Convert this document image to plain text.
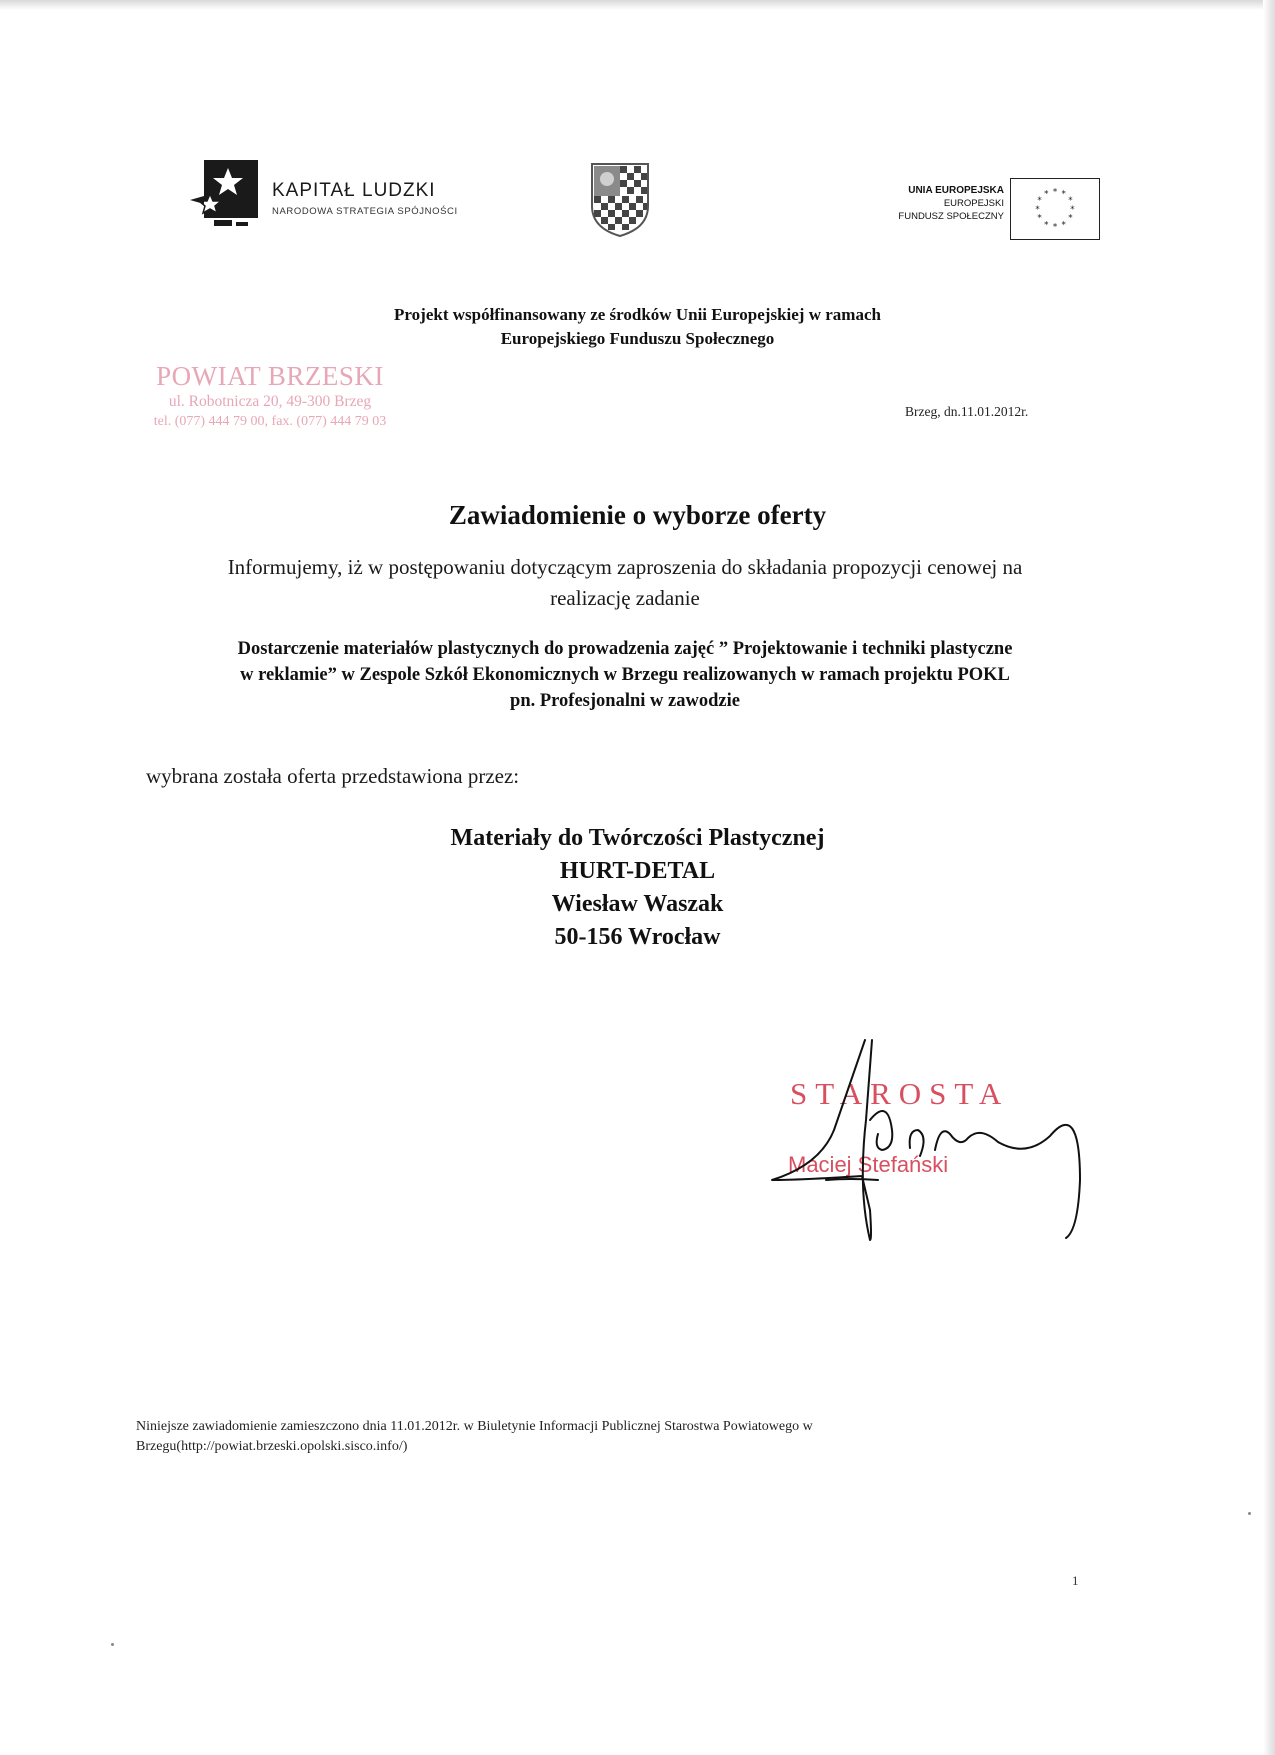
KAPITAŁ LUDZKI
NARODOWA STRATEGIA SPÓJNOŚCI
UNIA EUROPEJSKA
EUROPEJSKI
FUNDUSZ SPOŁECZNY
* *
*
*
*
*
*
*
*
*
*
*
Projekt współfinansowany ze środków Unii Europejskiej w ramach
Europejskiego Funduszu Społecznego
POWIAT BRZESKI
ul. Robotnicza 20, 49-300 Brzeg
tel. (077) 444 79 00, fax. (077) 444 79 03
Brzeg, dn.11.01.2012r.
Zawiadomienie o wyborze oferty
Informujemy, iż w postępowaniu dotyczącym zaproszenia do składania propozycji cenowej na
realizację zadanie
Dostarczenie materiałów plastycznych do prowadzenia zajęć ” Projektowanie i techniki plastyczne
w reklamie” w Zespole Szkół Ekonomicznych w Brzegu realizowanych w ramach projektu POKL
pn. Profesjonalni w zawodzie
wybrana została oferta przedstawiona przez:
Materiały do Twórczości Plastycznej
HURT-DETAL
Wiesław Waszak
50-156 Wrocław
STAROSTA
Maciej Stefański
Niniejsze zawiadomienie zamieszczono dnia 11.01.2012r. w Biuletynie Informacji Publicznej Starostwa Powiatowego w
Brzegu(http://powiat.brzeski.opolski.sisco.info/)
1
